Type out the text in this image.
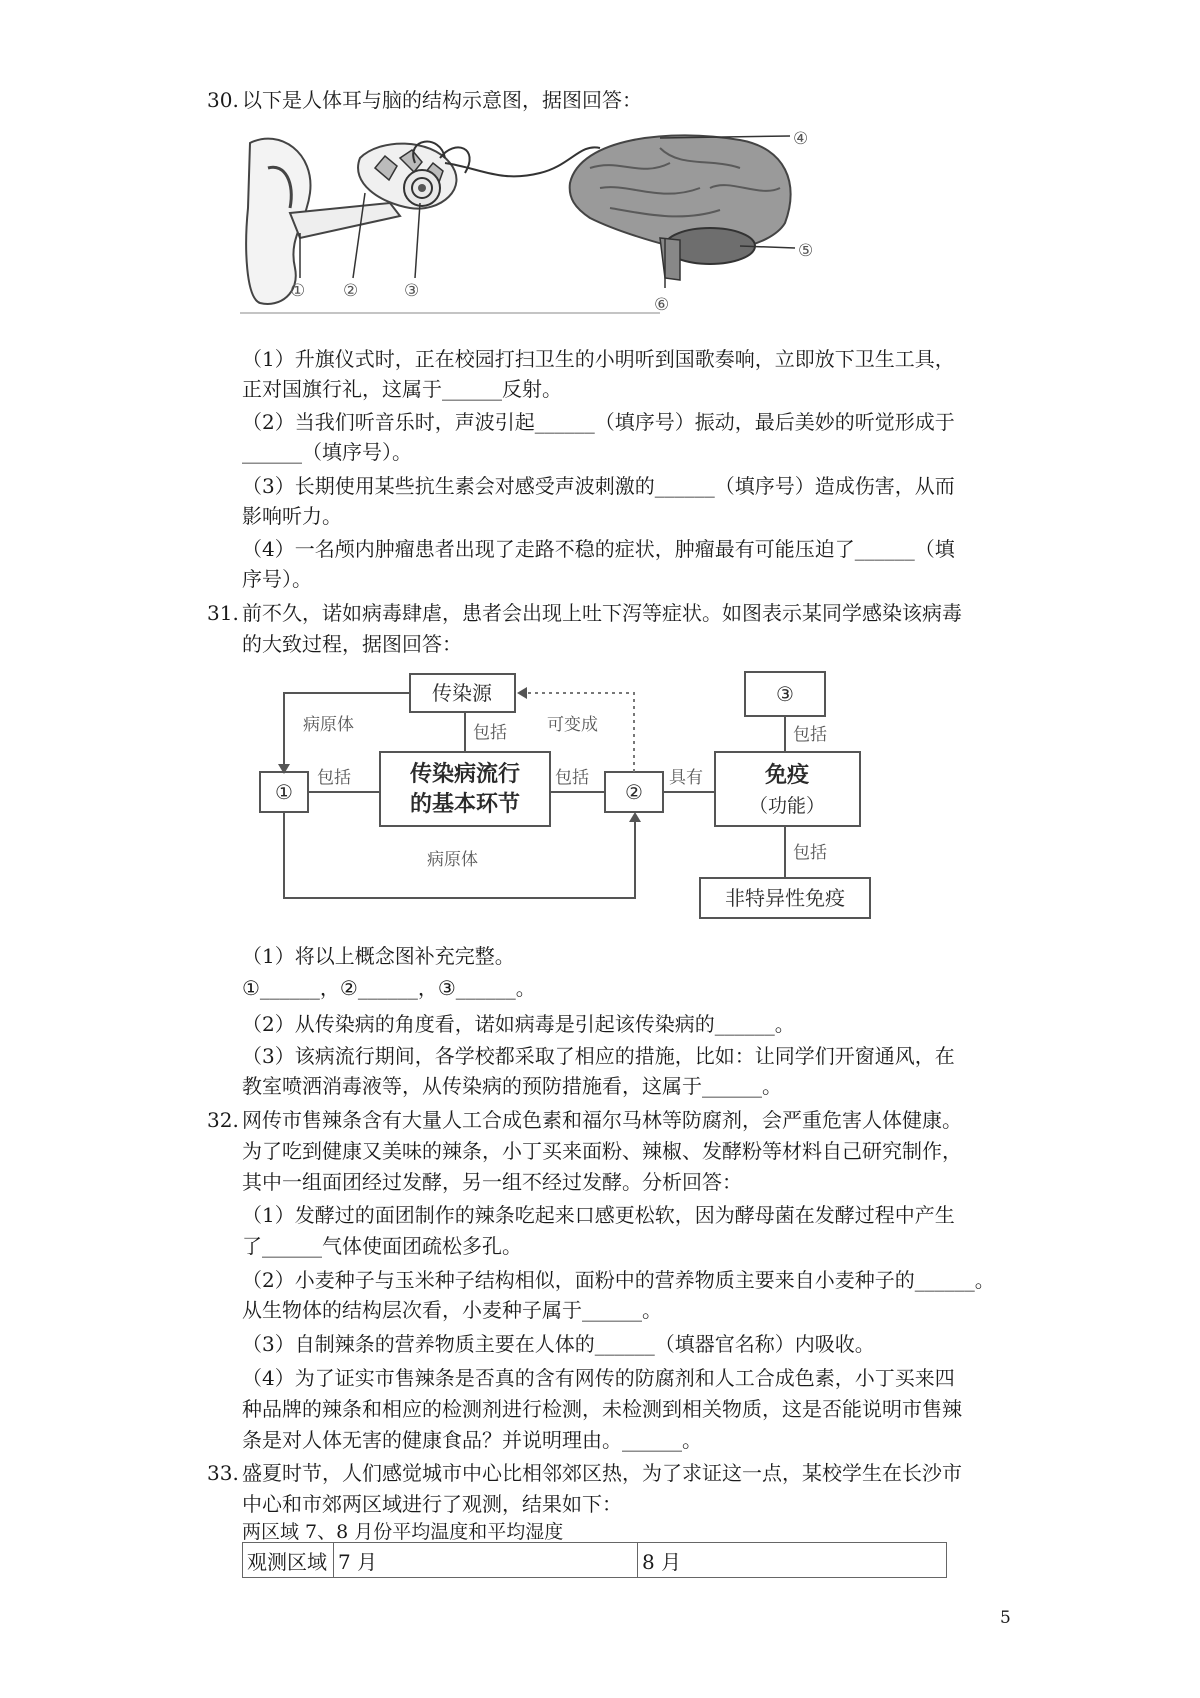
30. 以下是人体耳与脑的结构示意图，据图回答：
① ②	③
④
⑤
⑥
（1）升旗仪式时，正在校园打扫卫生的小明听到国歌奏响，立即放下卫生工具，
正对国旗行礼，这属于______反射。
（2）当我们听音乐时，声波引起______（填序号）振动，最后美妙的听觉形成于
______（填序号）。
（3）长期使用某些抗生素会对感受声波刺激的______（填序号）造成伤害，从而
影响听力。
（4）一名颅内肿瘤患者出现了走路不稳的症状，肿瘤最有可能压迫了______（填
序号）。
31. 前不久，诺如病毒肆虐，患者会出现上吐下泻等症状。如图表示某同学感染该病毒
的大致过程，据图回答：
传染源
传染病流行
的基本环节
①	②
③
免疫
（功能）
非特异性免疫
病原体
病原体
包括
包括	包括
可变成
具有
包括
包括
（1）将以上概念图补充完整。
①______，②______，③______。
（2）从传染病的角度看，诺如病毒是引起该传染病的______。
（3）该病流行期间，各学校都采取了相应的措施，比如：让同学们开窗通风，在
教室喷洒消毒液等，从传染病的预防措施看，这属于______。
32. 网传市售辣条含有大量人工合成色素和福尔马林等防腐剂，会严重危害人体健康。
为了吃到健康又美味的辣条，小丁买来面粉、辣椒、发酵粉等材料自己研究制作，
其中一组面团经过发酵，另一组不经过发酵。分析回答：
（1）发酵过的面团制作的辣条吃起来口感更松软，因为酵母菌在发酵过程中产生
了______气体使面团疏松多孔。
（2）小麦种子与玉米种子结构相似，面粉中的营养物质主要来自小麦种子的______。
从生物体的结构层次看，小麦种子属于______。
（3）自制辣条的营养物质主要在人体的______（填器官名称）内吸收。
（4）为了证实市售辣条是否真的含有网传的防腐剂和人工合成色素，小丁买来四
种品牌的辣条和相应的检测剂进行检测，未检测到相关物质，这是否能说明市售辣
条是对人体无害的健康食品？并说明理由。______。
33. 盛夏时节，人们感觉城市中心比相邻郊区热，为了求证这一点，某校学生在长沙市
中心和市郊两区域进行了观测，结果如下：
两区域 7、8 月份平均温度和平均湿度
观测区域	7 月	8 月
5
